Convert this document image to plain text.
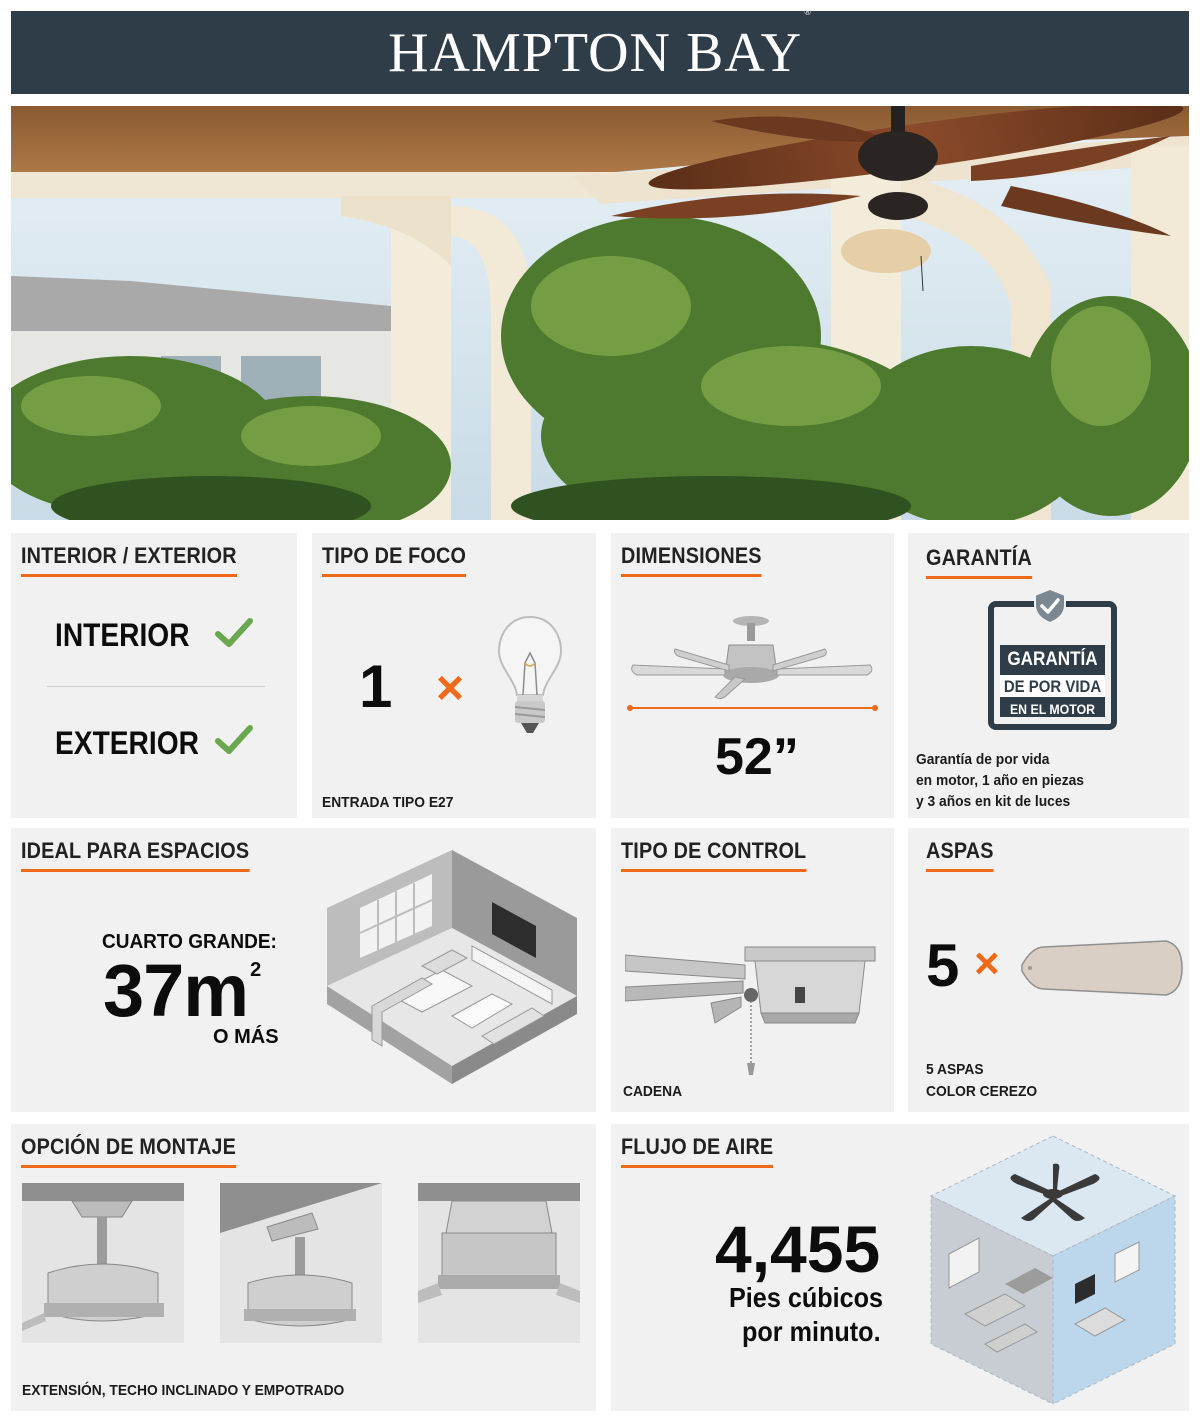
HAMPTON BAY®
INTERIOR / EXTERIOR
INTERIOR
EXTERIOR
TIPO DE FOCO
1 ×
ENTRADA TIPO E27
DIMENSIONES
52”
GARANTÍA
GARANTÍA
DE POR VIDA
EN EL MOTOR
Garantía de por vida
en motor, 1 año en piezas
y 3 años en kit de luces
IDEAL PARA ESPACIOS
CUARTO GRANDE:
37m $^2$
O MÁS
TIPO DE CONTROL
CADENA
ASPAS
5 ×
5 ASPAS
COLOR CEREZO
OPCIÓN DE MONTAJE
EXTENSIÓN, TECHO INCLINADO Y EMPOTRADO
FLUJO DE AIRE
4,455
Pies cúbicos
por minuto.
